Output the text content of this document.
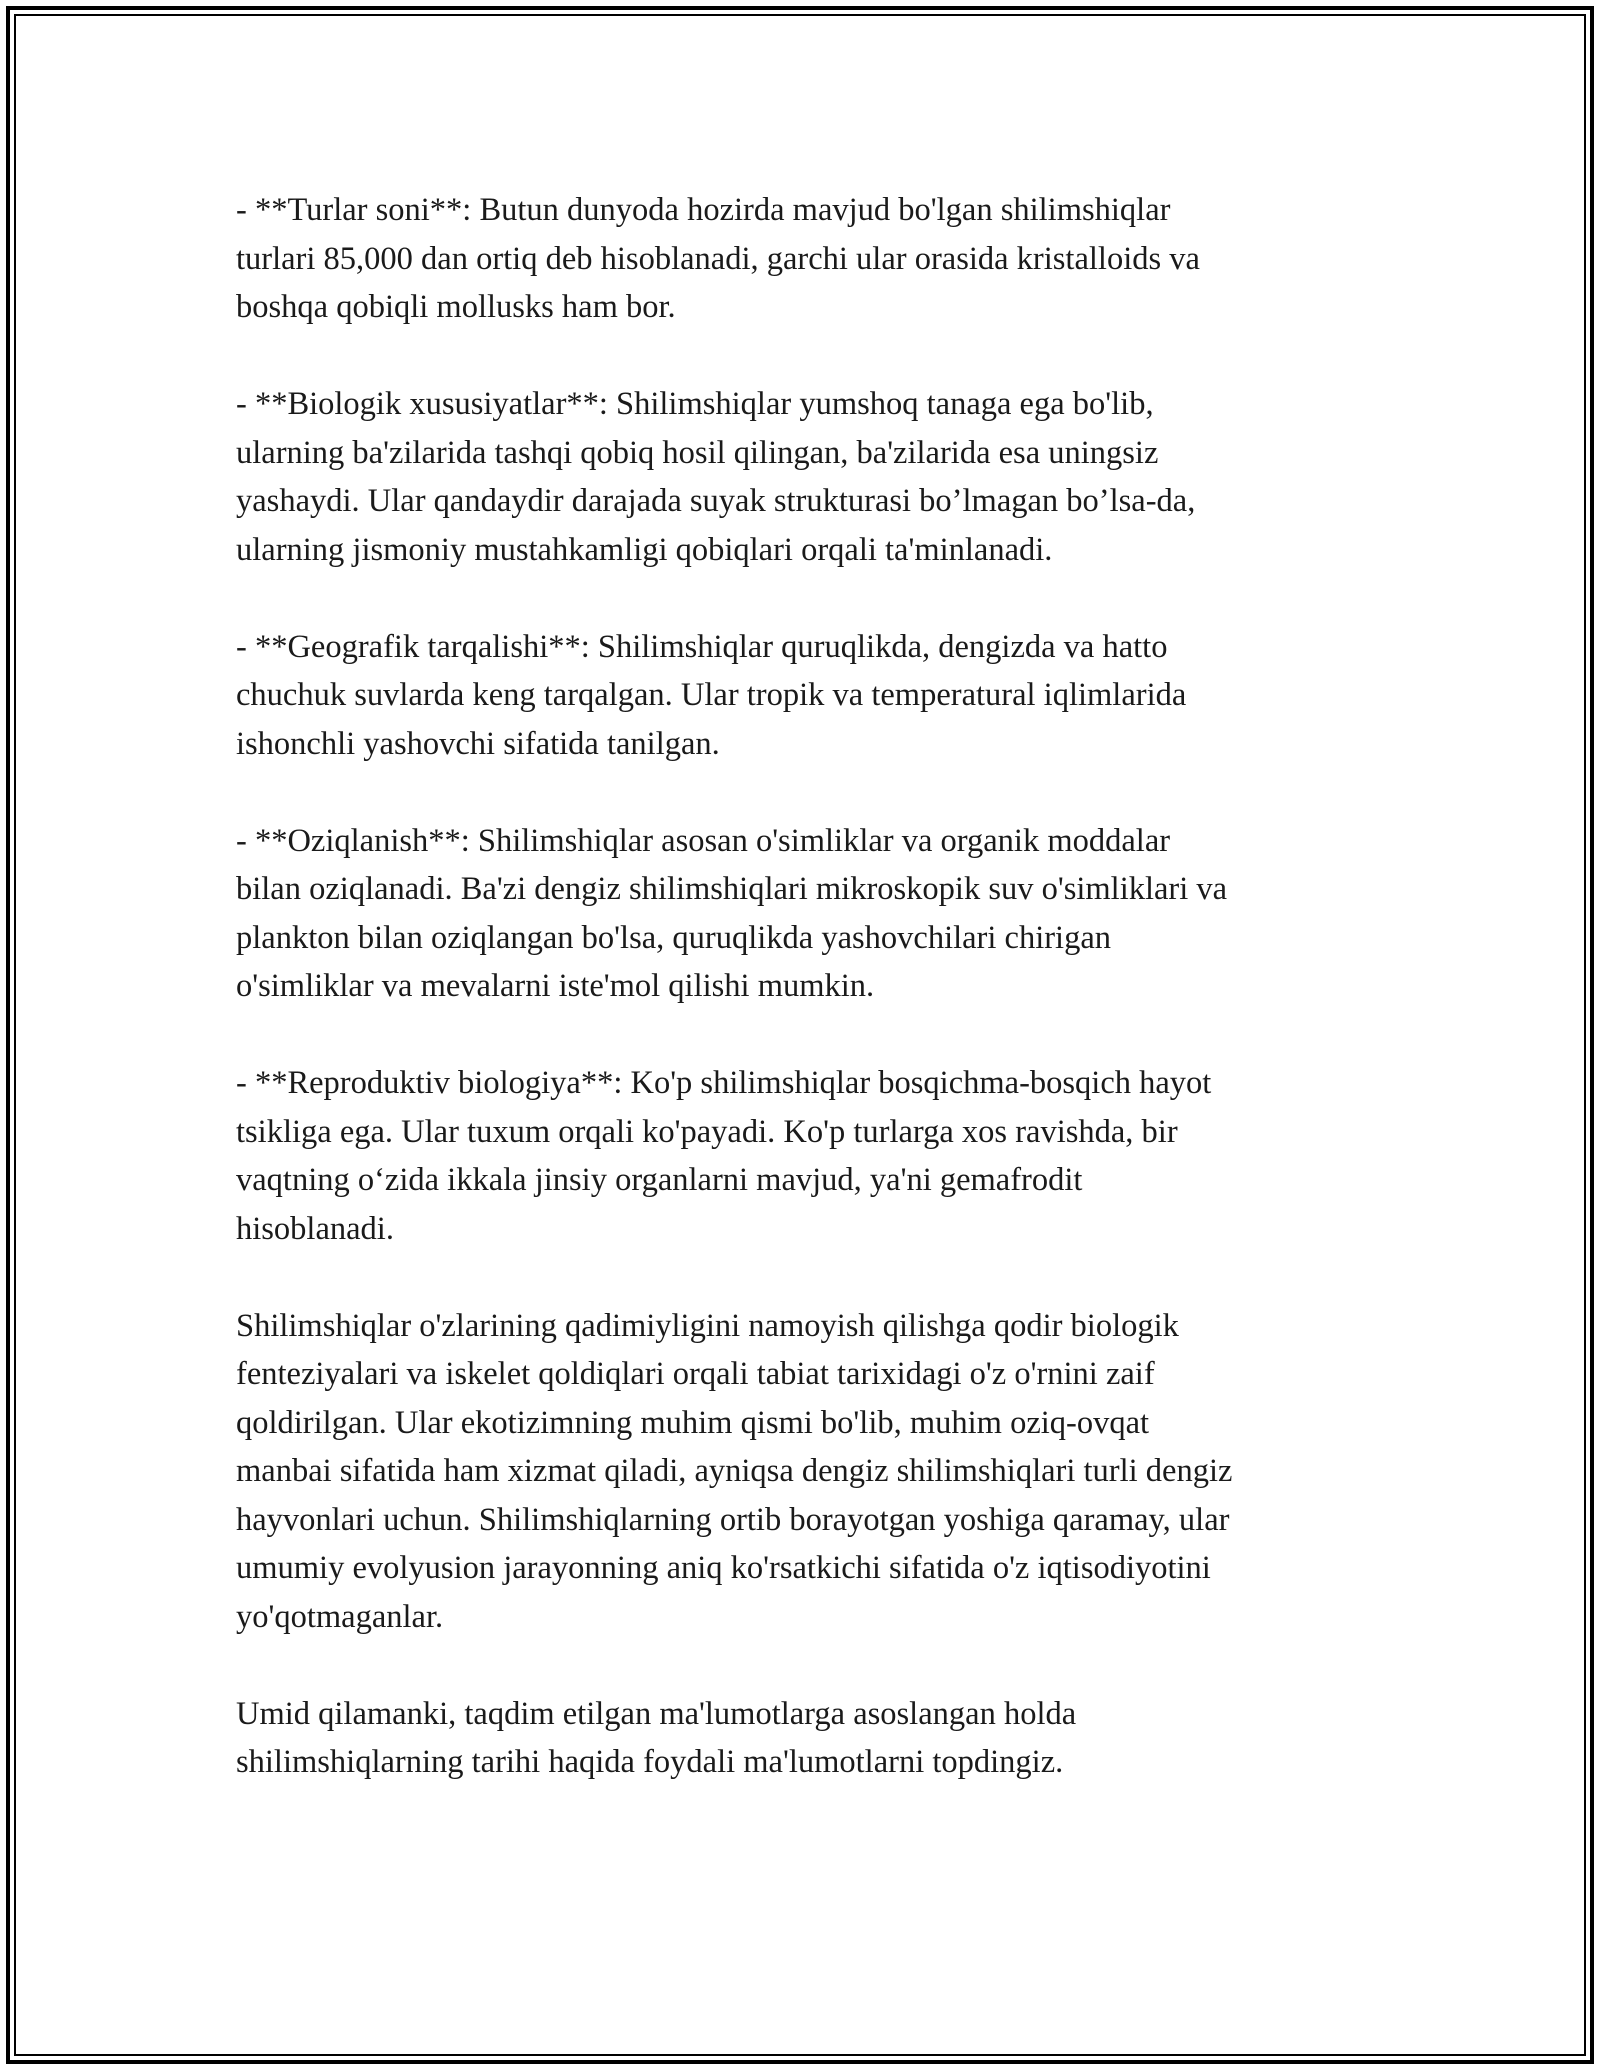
- **Turlar soni**: Butun dunyoda hozirda mavjud bo'lgan shilimshiqlar
turlari 85,000 dan ortiq deb hisoblanadi, garchi ular orasida kristalloids va
boshqa qobiqli mollusks ham bor.

- **Biologik xususiyatlar**: Shilimshiqlar yumshoq tanaga ega bo'lib,
ularning ba'zilarida tashqi qobiq hosil qilingan, ba'zilarida esa uningsiz
yashaydi. Ular qandaydir darajada suyak strukturasi bo’lmagan bo’lsa-da,
ularning jismoniy mustahkamligi qobiqlari orqali ta'minlanadi.

- **Geografik tarqalishi**: Shilimshiqlar quruqlikda, dengizda va hatto
chuchuk suvlarda keng tarqalgan. Ular tropik va temperatural iqlimlarida
ishonchli yashovchi sifatida tanilgan.

- **Oziqlanish**: Shilimshiqlar asosan o'simliklar va organik moddalar
bilan oziqlanadi. Ba'zi dengiz shilimshiqlari mikroskopik suv o'simliklari va
plankton bilan oziqlangan bo'lsa, quruqlikda yashovchilari chirigan
o'simliklar va mevalarni iste'mol qilishi mumkin.

- **Reproduktiv biologiya**: Ko'p shilimshiqlar bosqichma-bosqich hayot
tsikliga ega. Ular tuxum orqali ko'payadi. Ko'p turlarga xos ravishda, bir
vaqtning o‘zida ikkala jinsiy organlarni mavjud, ya'ni gemafrodit
hisoblanadi.

Shilimshiqlar o'zlarining qadimiyligini namoyish qilishga qodir biologik
fenteziyalari va iskelet qoldiqlari orqali tabiat tarixidagi o'z o'rnini zaif
qoldirilgan. Ular ekotizimning muhim qismi bo'lib, muhim oziq-ovqat
manbai sifatida ham xizmat qiladi, ayniqsa dengiz shilimshiqlari turli dengiz
hayvonlari uchun. Shilimshiqlarning ortib borayotgan yoshiga qaramay, ular
umumiy evolyusion jarayonning aniq ko'rsatkichi sifatida o'z iqtisodiyotini
yo'qotmaganlar.

Umid qilamanki, taqdim etilgan ma'lumotlarga asoslangan holda
shilimshiqlarning tarihi haqida foydali ma'lumotlarni topdingiz.
